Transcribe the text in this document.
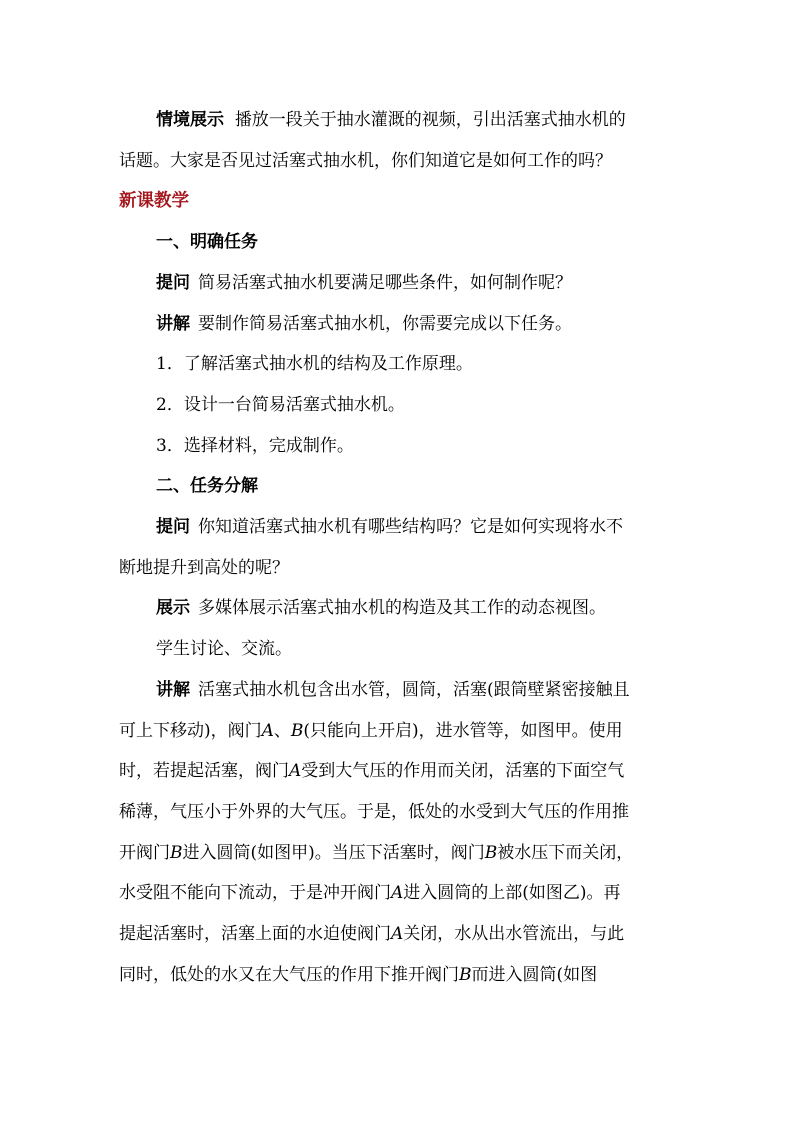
情境展示 播放一段关于抽水灌溉的视频，引出活塞式抽水机的

话题。大家是否见过活塞式抽水机，你们知道它是如何工作的吗？

新课教学

一、明确任务

提问 简易活塞式抽水机要满足哪些条件，如何制作呢？

讲解 要制作简易活塞式抽水机，你需要完成以下任务。

1．了解活塞式抽水机的结构及工作原理。

2．设计一台简易活塞式抽水机。

3．选择材料，完成制作。

二、任务分解

提问 你知道活塞式抽水机有哪些结构吗？它是如何实现将水不

断地提升到高处的呢？

展示 多媒体展示活塞式抽水机的构造及其工作的动态视图。

学生讨论、交流。

讲解 活塞式抽水机包含出水管，圆筒，活塞(跟筒壁紧密接触且

可上下移动)，阀门A、B(只能向上开启)，进水管等，如图甲。使用

时，若提起活塞，阀门A受到大气压的作用而关闭，活塞的下面空气

稀薄，气压小于外界的大气压。于是，低处的水受到大气压的作用推

开阀门B进入圆筒(如图甲)。当压下活塞时，阀门B被水压下而关闭，

水受阻不能向下流动，于是冲开阀门A进入圆筒的上部(如图乙)。再

提起活塞时，活塞上面的水迫使阀门A关闭，水从出水管流出，与此

同时，低处的水又在大气压的作用下推开阀门B而进入圆筒(如图
